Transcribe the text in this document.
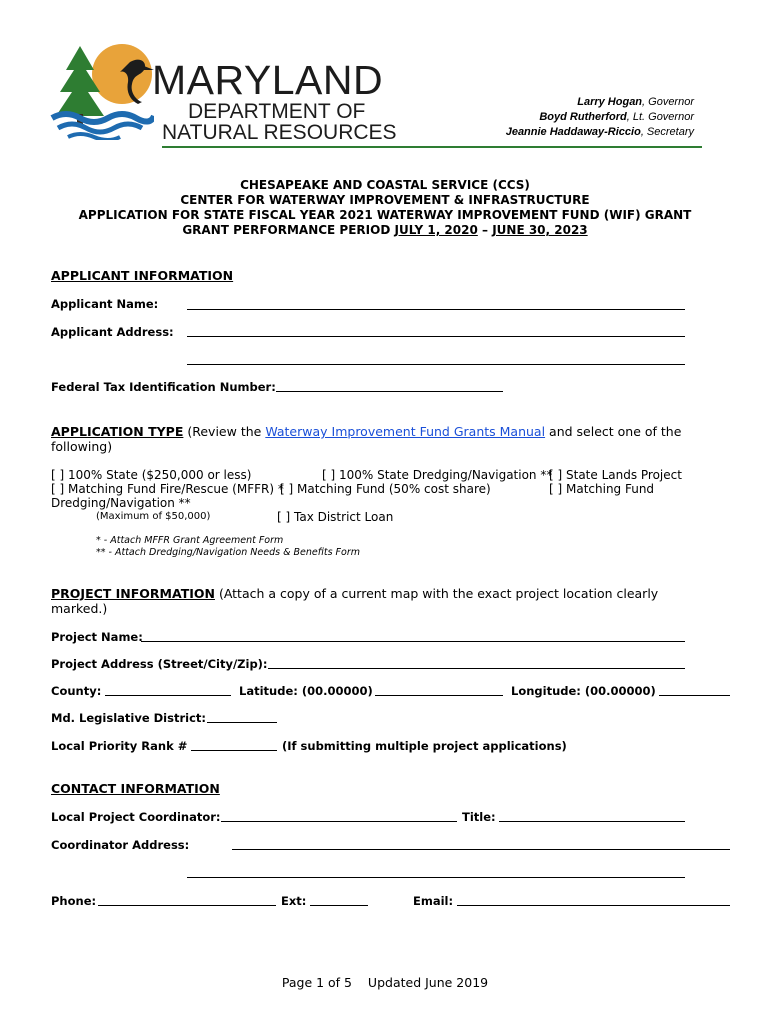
MARYLAND
DEPARTMENT OF
NATURAL RESOURCES
Larry Hogan, Governor
Boyd Rutherford, Lt. Governor
Jeannie Haddaway-Riccio, Secretary
CHESAPEAKE AND COASTAL SERVICE (CCS)
CENTER FOR WATERWAY IMPROVEMENT & INFRASTRUCTURE
APPLICATION FOR STATE FISCAL YEAR 2021 WATERWAY IMPROVEMENT FUND (WIF) GRANT
GRANT PERFORMANCE PERIOD JULY 1, 2020 – JUNE 30, 2023
APPLICANT INFORMATION
Applicant Name:
Applicant Address:
Federal Tax Identification Number:
APPLICATION TYPE (Review the Waterway Improvement Fund Grants Manual and select one of the
following)
[ ] 100% State ($250,000 or less)	[ ] 100% State Dredging/Navigation **
[ ] State Lands Project
[ ] Matching Fund Fire/Rescue (MFFR) *
[ ] Matching Fund (50% cost share)	[ ] Matching Fund
Dredging/Navigation **
(Maximum of $50,000)	[ ] Tax District Loan
* - Attach MFFR Grant Agreement Form
** - Attach Dredging/Navigation Needs & Benefits Form
PROJECT INFORMATION (Attach a copy of a current map with the exact project location clearly
marked.)
Project Name:
Project Address (Street/City/Zip):
County:	Latitude: (00.00000)	Longitude: (00.00000)
Md. Legislative District:
Local Priority Rank #	(If submitting multiple project applications)
CONTACT INFORMATION
Local Project Coordinator:	Title:
Coordinator Address:
Phone:	Ext:	Email:
Page 1 of 5 Updated June 2019
